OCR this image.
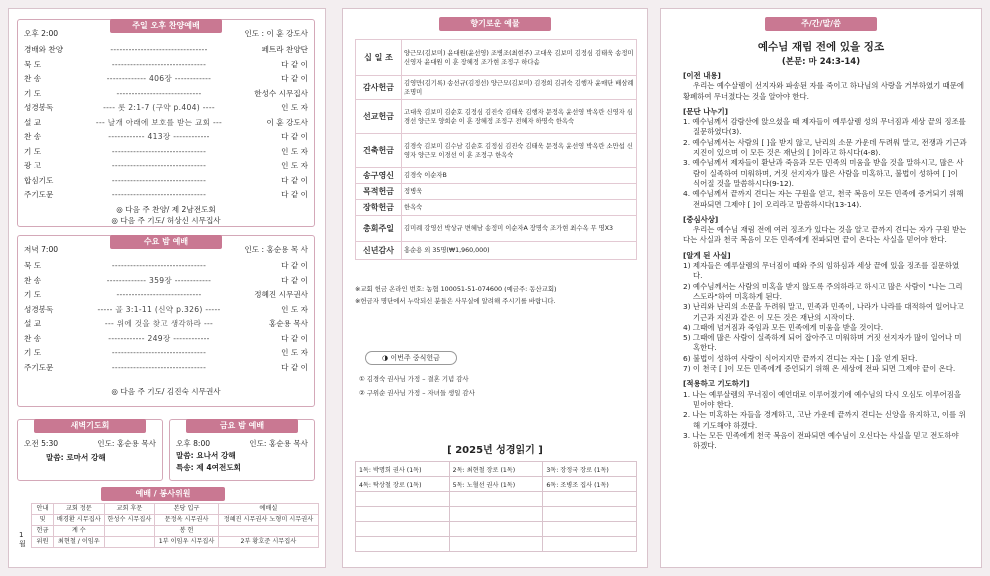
주일 오후 찬양예배
오후 2:00	인도 : 이 훈 강도사
경배와 찬양	--------------------------------	페트라 찬양단
묵 도	-------------------------------	다 같 이
찬 송	------------- 406장 ------------	다 같 이
기 도	----------------------------	한성수 시무집사
성경봉독	---- 롯 2:1-7 (구약 p.404) ----	인 도 자
설 교	--- 날개 아래에 보호를 받는 교회 ---	이 훈 강도사
찬 송	------------ 413장 ------------	다 같 이
기 도	-------------------------------	인 도 자
광 고	-------------------------------	인 도 자
합심기도	-------------------------------	다 같 이
주기도문	-------------------------------	다 같 이
◎ 다음 주 찬양/ 제 2남전도회
◎ 다음 주 기도/ 허상신 시무집사
수요 밤 예배
저녁 7:00	인도 : 홍순용 목 사
묵 도	-------------------------------	다 같 이
찬 송	------------- 359장 ------------	다 같 이
기 도	----------------------------	정혜진 시무권사
성경봉독	----- 골 3:1-11 (신약 p.326) -----	인 도 자
설 교	--- 위에 것을 찾고 생각하라 ---	홍순용 목사
찬 송	------------ 249장 ------------	다 같 이
기 도	-------------------------------	인 도 자
주기도문	-------------------------------	다 같 이
◎ 다음 주 기도/ 김진숙 시무권사
새벽기도회
오전 5:30	인도: 홍순용 목사
말씀: 로마서 강해
금요 밤 예배
오후 8:00	인도: 홍순용 목사
말씀: 요나서 강해
특송: 제 4여전도회
예배 / 봉사위원
1월
안내	교회 정문	교회 후문	본당 입구	예배실
및	배경환 시무집사	한성수 시무집사	문정옥 시무권사	정혜진 시무권사 노형미 시무권사
헌금	계 수		봉 헌	
위원	최현철 / 이임우		1부 이임우 시무집사	2부 황호준 시무집사
향기로운 예물
십 일 조	양근모(김보미) 윤대원(윤선영) 조병조(최현주) 고대욱 김보미 김정심 김태욱 송정미 신영자 윤대원 이 훈 장혜정 조가현 조정구 하다솜
감사헌금	김영만(김기록) 송선규(김정선) 양근모(김보미) 김경희 김귀숙 김행자 윤매단 배삼례 조명미
선교헌금	고대욱 김보미 김순호 김정심 김진숙 김태욱 김행자 문정옥 윤선영 박옥란 신영자 심경선 양근모 양희순 이 훈 장혜정 조정구 전혜자 하명숙 한옥숙
건축헌금	김경숙 김보미 김수남 김순호 김정심 김진숙 김태욱 문정옥 윤선영 박옥란 소만섭 신영자 양근모 이경선 이 훈 조정구 한옥숙
송구영신	김경숙 이순자B
목적헌금	정병욱
장학헌금	한옥숙
총회주일	김미례 강영선 박상규 변혜남 송정미 이순자A 장명숙 조가현 최수옥 무 명X3
신년감사	홍순용 외 35명(₩1,960,000)
※교회 헌금 온라인 번호: 농협 100051-51-074600 (예금주: 동산교회)
※헌금자 명단에서 누락되신 분들은 사무실에 알려해 주시기를 바랍니다.
◑ 이번주 중식헌금
① 김경숙 권사님 가정 – 결혼 기념 감사
② 구위순 권사님 가정 – 자녀들 생일 감사
[ 2025년 성경읽기 ]
1독: 박명희 권사 (1독)	2독: 최현철 장로 (1독)	3독: 장정국 장로 (1독)
4독: 탁상철 장로 (1독)	5독: 노혈선 권사 (1독)	6독: 조병조 집사 (1독)

주/간/말/씀
예수님 재림 전에 있을 징조
(본문: 마 24:3-14)
[이전 내용]
우리는 예수살렘이 선지자와 파송된 자를 죽이고 하나님의 사랑을 거부하였기 때문에 황폐하여 무너졌다는 것을 알아야 한다.
[문단 나누기]
1. 예수님께서 감람산에 앉으셨을 때 제자들이 예루살렘 성의 무너짐과 세상 끝의 징조를 질문하였다(3).
2. 예수님께서는 사람의 [ ]을 받지 않고, 난리의 소문 가운데 두려워 말고, 전쟁과 기근과 지진이 있으며 이 모든 것은 재난의 [ ]이라고 하시다(4-8).
3. 예수님께서 제자들이 환난과 죽음과 모든 민족의 미움을 받을 것을 말하시고, 많은 사람이 실족하여 미워하며, 거짓 선지자가 많은 사람을 미혹하고, 불법이 성하여 [ ]이 식어질 것을 말씀하시다(9-12).
4. 예수님께서 끝까지 견디는 자는 구원을 얻고, 천국 복음이 모든 민족에 증거되기 위해 전파되면 그제야 [ ]이 오리라고 말씀하시다(13-14).
[중심사상]
우리는 예수님 재림 전에 여러 징조가 있다는 것을 알고 끝까지 견디는 자가 구원 받는다는 사실과 천국 복음이 모든 민족에게 전파되면 끝이 온다는 사실을 믿어야 한다.
[알게 된 사실]
1) 제자들은 예루살렘의 무너짐이 때와 주의 임하심과 세상 끝에 있을 징조를 질문하였다.
2) 예수님께서는 사람의 미혹을 받지 않도록 주의하라고 하시고 많은 사람이 "나는 그리스도라"하여 미혹하게 된다.
3) 난리와 난리의 소문을 두려워 말고, 민족과 민족이, 나라가 나라를 대적하여 일어나고 기근과 지진과 같은 이 모든 것은 재난의 시작이다.
4) 그때에 넘겨짐과 죽임과 모든 민족에게 미움을 받을 것이다.
5) 그때에 많은 사람이 실족하게 되어 잡아주고 미워하며 거짓 선지자가 많이 일어나 미혹한다.
6) 불법이 성하여 사랑이 식어지지만 끝까지 견디는 자는 [ ]을 얻게 된다.
7) 이 천국 [ ]이 모든 민족에게 증언되기 위해 온 세상에 전파 되면 그제야 끝이 온다.
[적용하고 기도하기]
1. 나는 예루살렘의 무너짐이 예언대로 이루어졌기에 예수님의 다시 오심도 이루어짐을 믿어야 한다.
2. 나는 미혹하는 자들을 경계하고, 고난 가운데 끝까지 견디는 신앙을 유지하고, 이를 위해 기도해야 하겠다.
3. 나는 모든 민족에게 천국 복음이 전파되면 예수님이 오신다는 사실을 믿고 전도하야 하겠다.
